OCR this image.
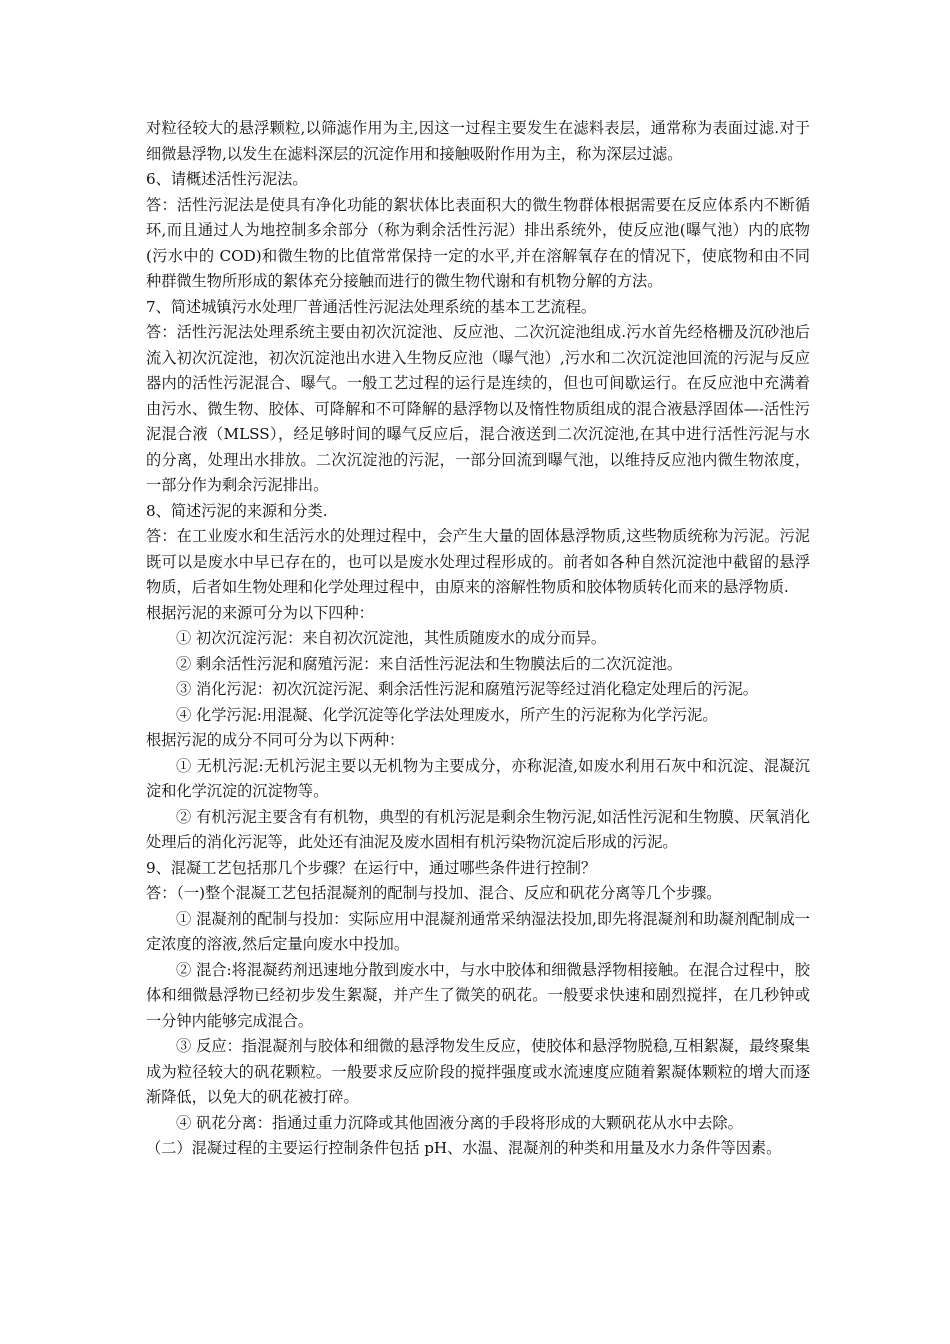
对粒径较大的悬浮颗粒,以筛滤作用为主,因这一过程主要发生在滤料表层，通常称为表面过滤.对于细微悬浮物,以发生在滤料深层的沉淀作用和接触吸附作用为主，称为深层过滤。

6、请概述活性污泥法。

答：活性污泥法是使具有净化功能的絮状体比表面积大的微生物群体根据需要在反应体系内不断循环,而且通过人为地控制多余部分（称为剩余活性污泥）排出系统外，使反应池(曝气池）内的底物(污水中的 COD)和微生物的比值常常保持一定的水平,并在溶解氧存在的情况下，使底物和由不同种群微生物所形成的絮体充分接触而进行的微生物代谢和有机物分解的方法。

7、简述城镇污水处理厂普通活性污泥法处理系统的基本工艺流程。

答：活性污泥法处理系统主要由初次沉淀池、反应池、二次沉淀池组成.污水首先经格栅及沉砂池后流入初次沉淀池，初次沉淀池出水进入生物反应池（曝气池）,污水和二次沉淀池回流的污泥与反应器内的活性污泥混合、曝气。一般工艺过程的运行是连续的，但也可间歇运行。在反应池中充满着由污水、微生物、胶体、可降解和不可降解的悬浮物以及惰性物质组成的混合液悬浮固体—-活性污泥混合液（MLSS），经足够时间的曝气反应后，混合液送到二次沉淀池,在其中进行活性污泥与水的分离，处理出水排放。二次沉淀池的污泥，一部分回流到曝气池，以维持反应池内微生物浓度，一部分作为剩余污泥排出。

8、简述污泥的来源和分类.

答：在工业废水和生活污水的处理过程中，会产生大量的固体悬浮物质,这些物质统称为污泥。污泥既可以是废水中早已存在的，也可以是废水处理过程形成的。前者如各种自然沉淀池中截留的悬浮物质，后者如生物处理和化学处理过程中，由原来的溶解性物质和胶体物质转化而来的悬浮物质.

根据污泥的来源可分为以下四种：

① 初次沉淀污泥：来自初次沉淀池，其性质随废水的成分而异。

② 剩余活性污泥和腐殖污泥：来自活性污泥法和生物膜法后的二次沉淀池。

③ 消化污泥：初次沉淀污泥、剩余活性污泥和腐殖污泥等经过消化稳定处理后的污泥。

④ 化学污泥:用混凝、化学沉淀等化学法处理废水，所产生的污泥称为化学污泥。

根据污泥的成分不同可分为以下两种：

① 无机污泥:无机污泥主要以无机物为主要成分，亦称泥渣,如废水利用石灰中和沉淀、混凝沉淀和化学沉淀的沉淀物等。

② 有机污泥主要含有有机物，典型的有机污泥是剩余生物污泥,如活性污泥和生物膜、厌氧消化处理后的消化污泥等，此处还有油泥及废水固相有机污染物沉淀后形成的污泥。

9、混凝工艺包括那几个步骤？在运行中，通过哪些条件进行控制？

答：（一)整个混凝工艺包括混凝剂的配制与投加、混合、反应和矾花分离等几个步骤。

① 混凝剂的配制与投加：实际应用中混凝剂通常采纳湿法投加,即先将混凝剂和助凝剂配制成一定浓度的溶液,然后定量向废水中投加。

② 混合:将混凝药剂迅速地分散到废水中，与水中胶体和细微悬浮物相接触。在混合过程中，胶体和细微悬浮物已经初步发生絮凝，并产生了微笑的矾花。一般要求快速和剧烈搅拌，在几秒钟或一分钟内能够完成混合。

③ 反应：指混凝剂与胶体和细微的悬浮物发生反应，使胶体和悬浮物脱稳,互相絮凝，最终聚集成为粒径较大的矾花颗粒。一般要求反应阶段的搅拌强度或水流速度应随着絮凝体颗粒的增大而逐渐降低，以免大的矾花被打碎。

④ 矾花分离：指通过重力沉降或其他固液分离的手段将形成的大颗矾花从水中去除。

（二）混凝过程的主要运行控制条件包括 pH、水温、混凝剂的种类和用量及水力条件等因素。
